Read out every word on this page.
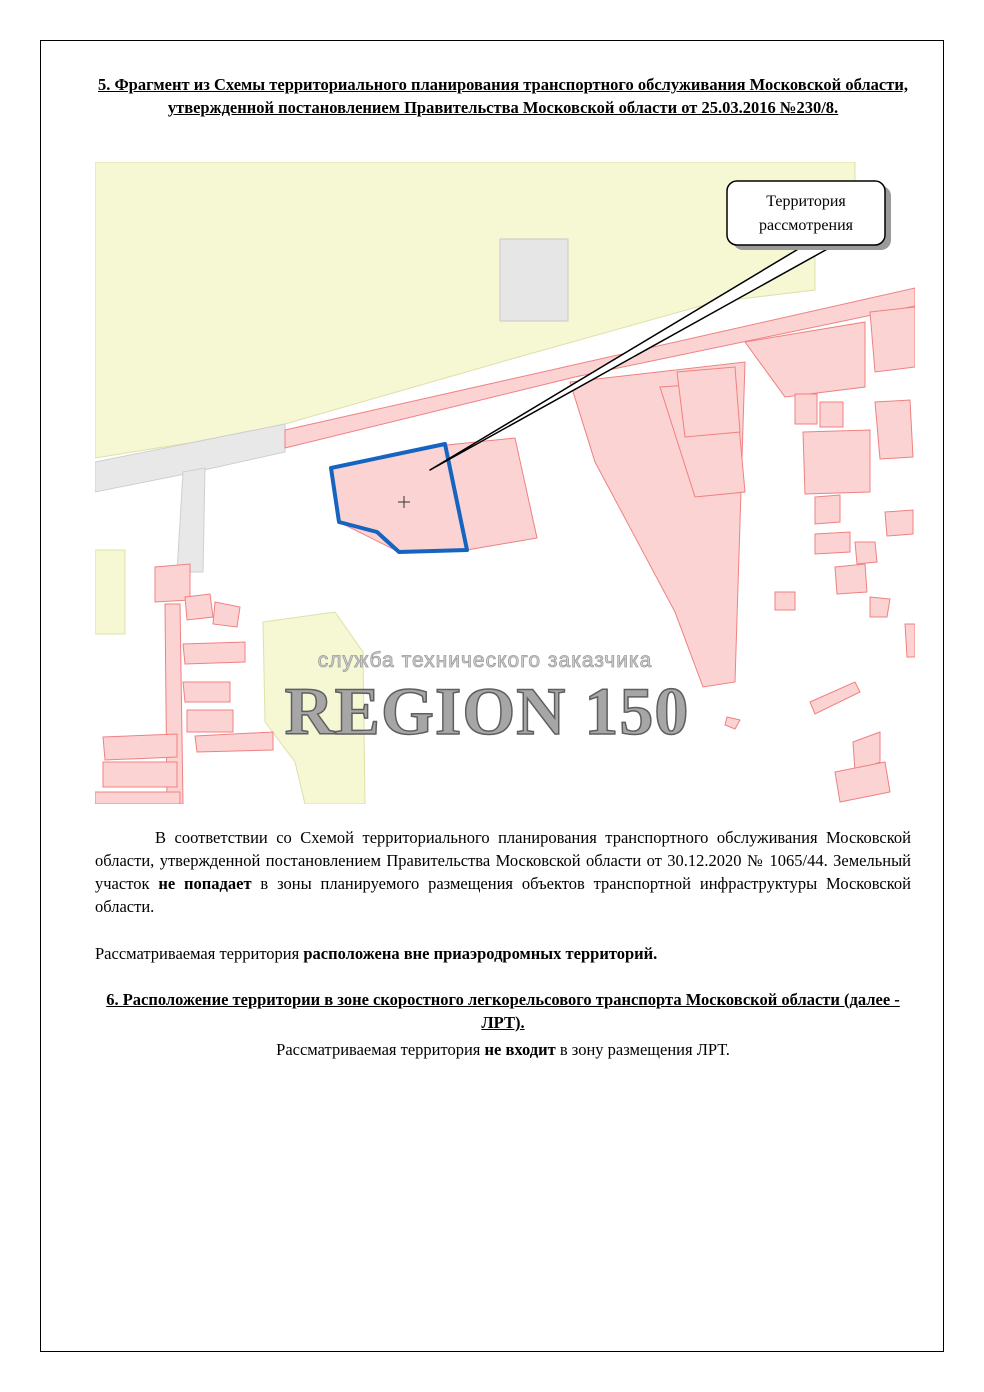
5. Фрагмент из Схемы территориального планирования транспортного обслуживания Московской области, утвержденной постановлением Правительства Московской области от 25.03.2016 №230/8.
Территория
рассмотрения
служба технического заказчика
REGION 150
В соответствии со Схемой территориального планирования транспортного обслуживания Московской области, утвержденной постановлением Правительства Московской области от 30.12.2020 № 1065/44. Земельный участок не попадает в зоны планируемого размещения объектов транспортной инфраструктуры Московской области.
Рассматриваемая территория расположена вне приаэродромных территорий.
6. Расположение территории в зоне скоростного легкорельсового транспорта Московской области (далее - ЛРТ).
Рассматриваемая территория не входит в зону размещения ЛРТ.
